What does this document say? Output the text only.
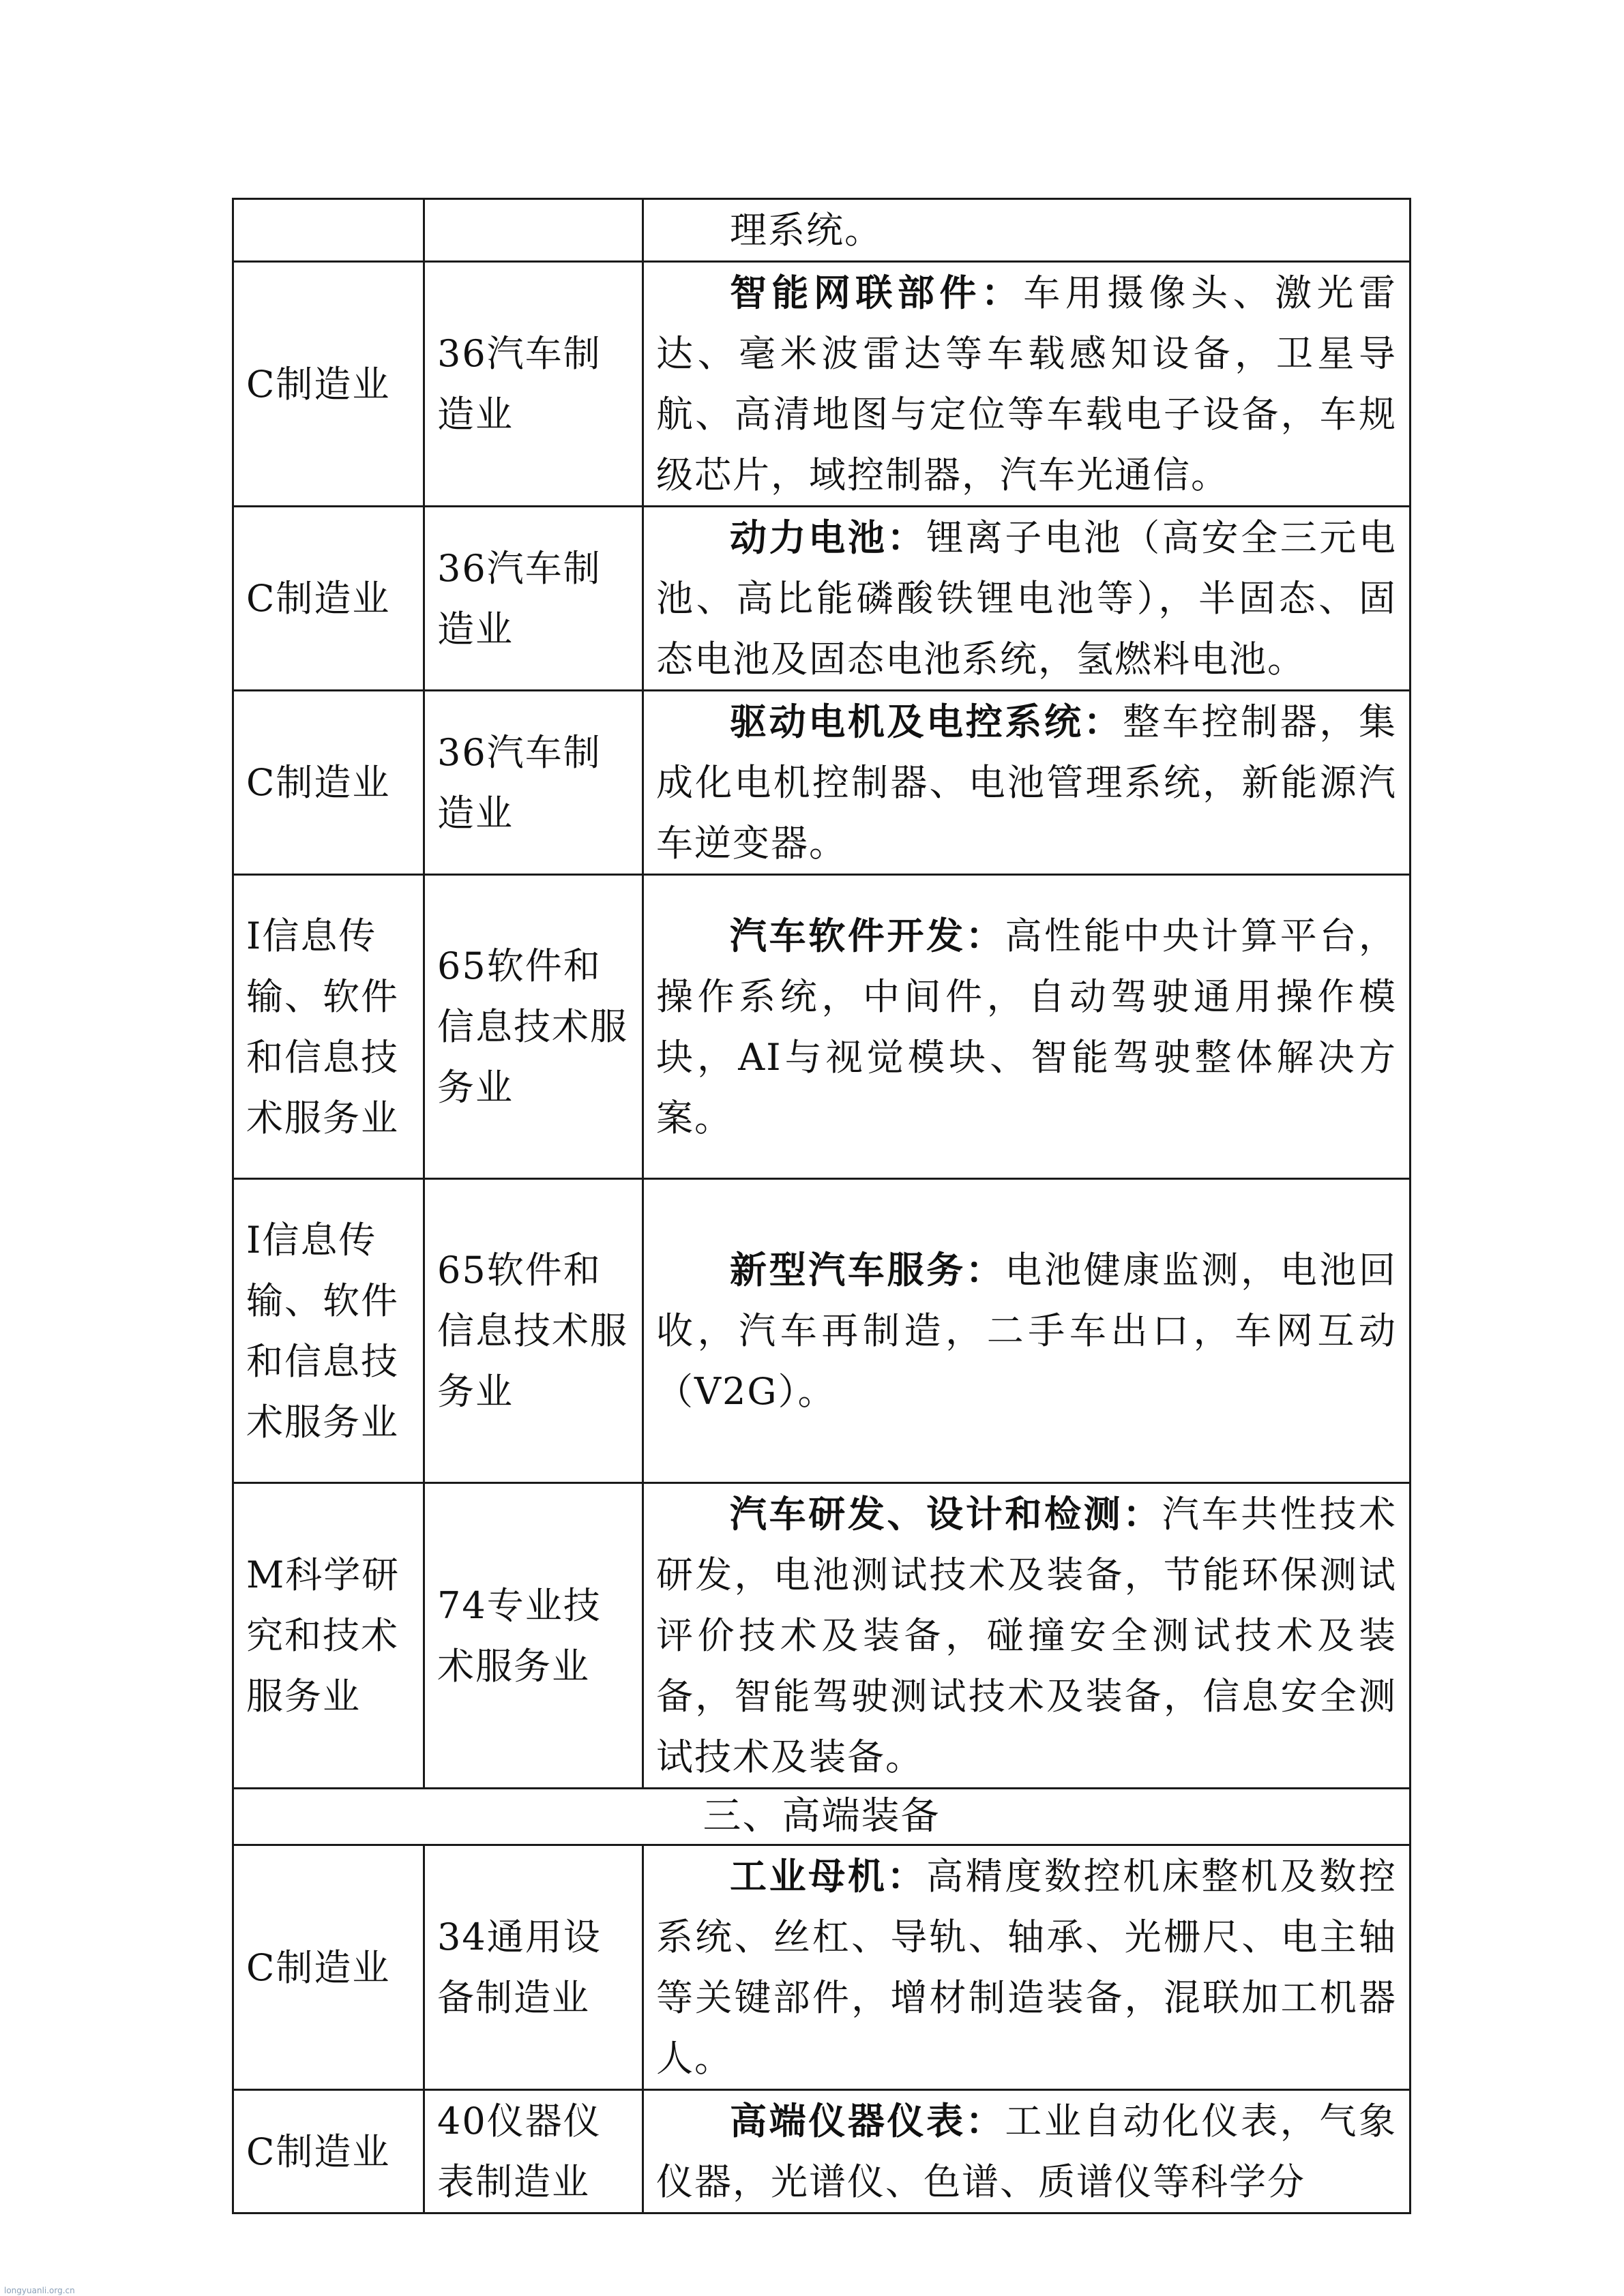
		理系统。

C制造业	36汽车制造业	智能网联部件：车用摄像头、激光雷达、毫米波雷达等车载感知设备，卫星导航、高清地图与定位等车载电子设备，车规级芯片，域控制器，汽车光通信。

C制造业	36汽车制造业	动力电池：锂离子电池（高安全三元电池、高比能磷酸铁锂电池等），半固态、固态电池及固态电池系统，氢燃料电池。

C制造业	36汽车制造业	驱动电机及电控系统：整车控制器，集成化电机控制器、电池管理系统，新能源汽车逆变器。

I信息传输、软件和信息技术服务业	65软件和信息技术服务业	汽车软件开发：高性能中央计算平台，操作系统，中间件，自动驾驶通用操作模块，AI与视觉模块、智能驾驶整体解决方案。

I信息传输、软件和信息技术服务业	65软件和信息技术服务业	新型汽车服务：电池健康监测，电池回收，汽车再制造，二手车出口，车网互动（V2G）。

M科学研究和技术服务业	74专业技术服务业	汽车研发、设计和检测：汽车共性技术研发，电池测试技术及装备，节能环保测试评价技术及装备，碰撞安全测试技术及装备，智能驾驶测试技术及装备，信息安全测试技术及装备。

三、高端装备		
C制造业	34通用设备制造业	工业母机：高精度数控机床整机及数控系统、丝杠、导轨、轴承、光栅尺、电主轴等关键部件，增材制造装备，混联加工机器人。

C制造业	40仪器仪表制造业	高端仪器仪表：工业自动化仪表，气象仪器，光谱仪、色谱、质谱仪等科学分
longyuanli.org.cn
